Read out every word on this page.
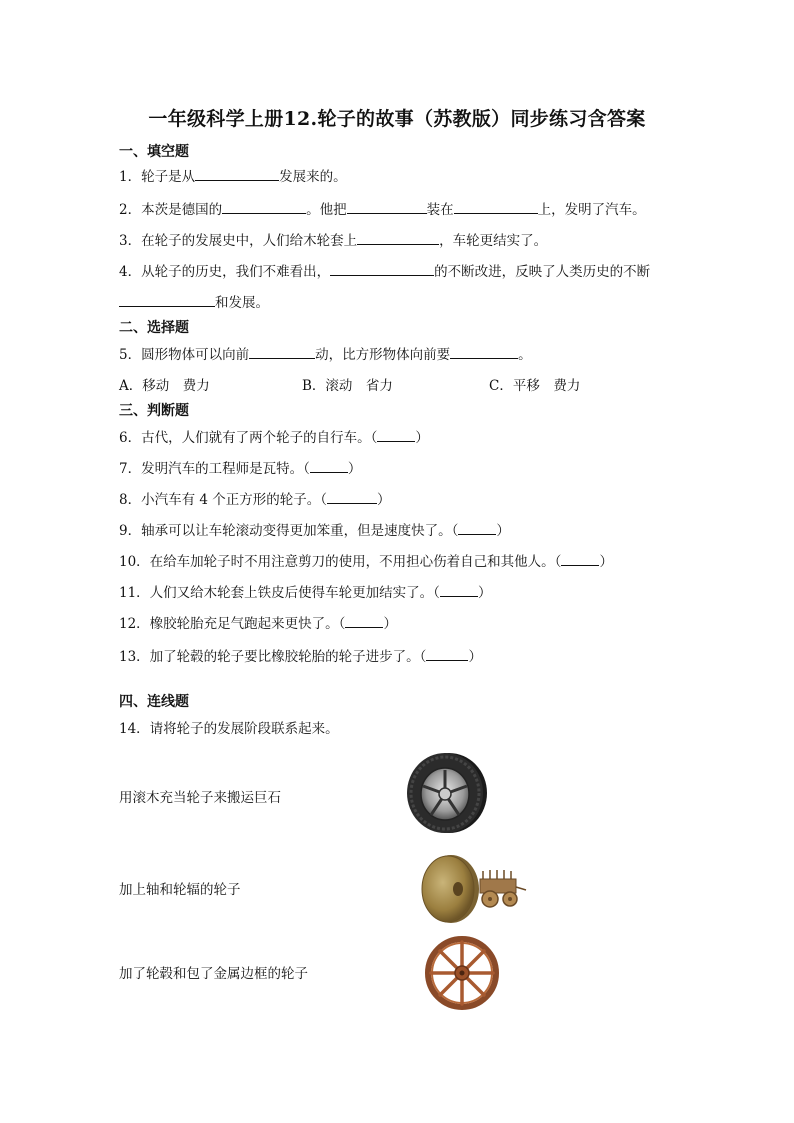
一年级科学上册12.轮子的故事（苏教版）同步练习含答案
一、填空题
1．轮子是从	发展来的。
2．本茨是德国的	。他把	装在	上，发明了汽车。
3．在轮子的发展史中，人们给木轮套上	，车轮更结实了。
4．从轮子的历史，我们不难看出，	的不断改进，反映了人类历史的不断
和发展。
二、选择题
5．圆形物体可以向前	动，比方形物体向前要	。
A．移动　费力	B．滚动　省力	C．平移　费力
三、判断题
6．古代，人们就有了两个轮子的自行车。（	）
7．发明汽车的工程师是瓦特。（	）
8．小汽车有 4 个正方形的轮子。（	）
9．轴承可以让车轮滚动变得更加笨重，但是速度快了。（	）
10．在给车加轮子时不用注意剪刀的使用，不用担心伤着自己和其他人。（	）
11．人们又给木轮套上铁皮后使得车轮更加结实了。（	）
12．橡胶轮胎充足气跑起来更快了。（	）
13．加了轮毂的轮子要比橡胶轮胎的轮子进步了。（	）
四、连线题
14．请将轮子的发展阶段联系起来。
用滚木充当轮子来搬运巨石
加上轴和轮辐的轮子
加了轮毂和包了金属边框的轮子
